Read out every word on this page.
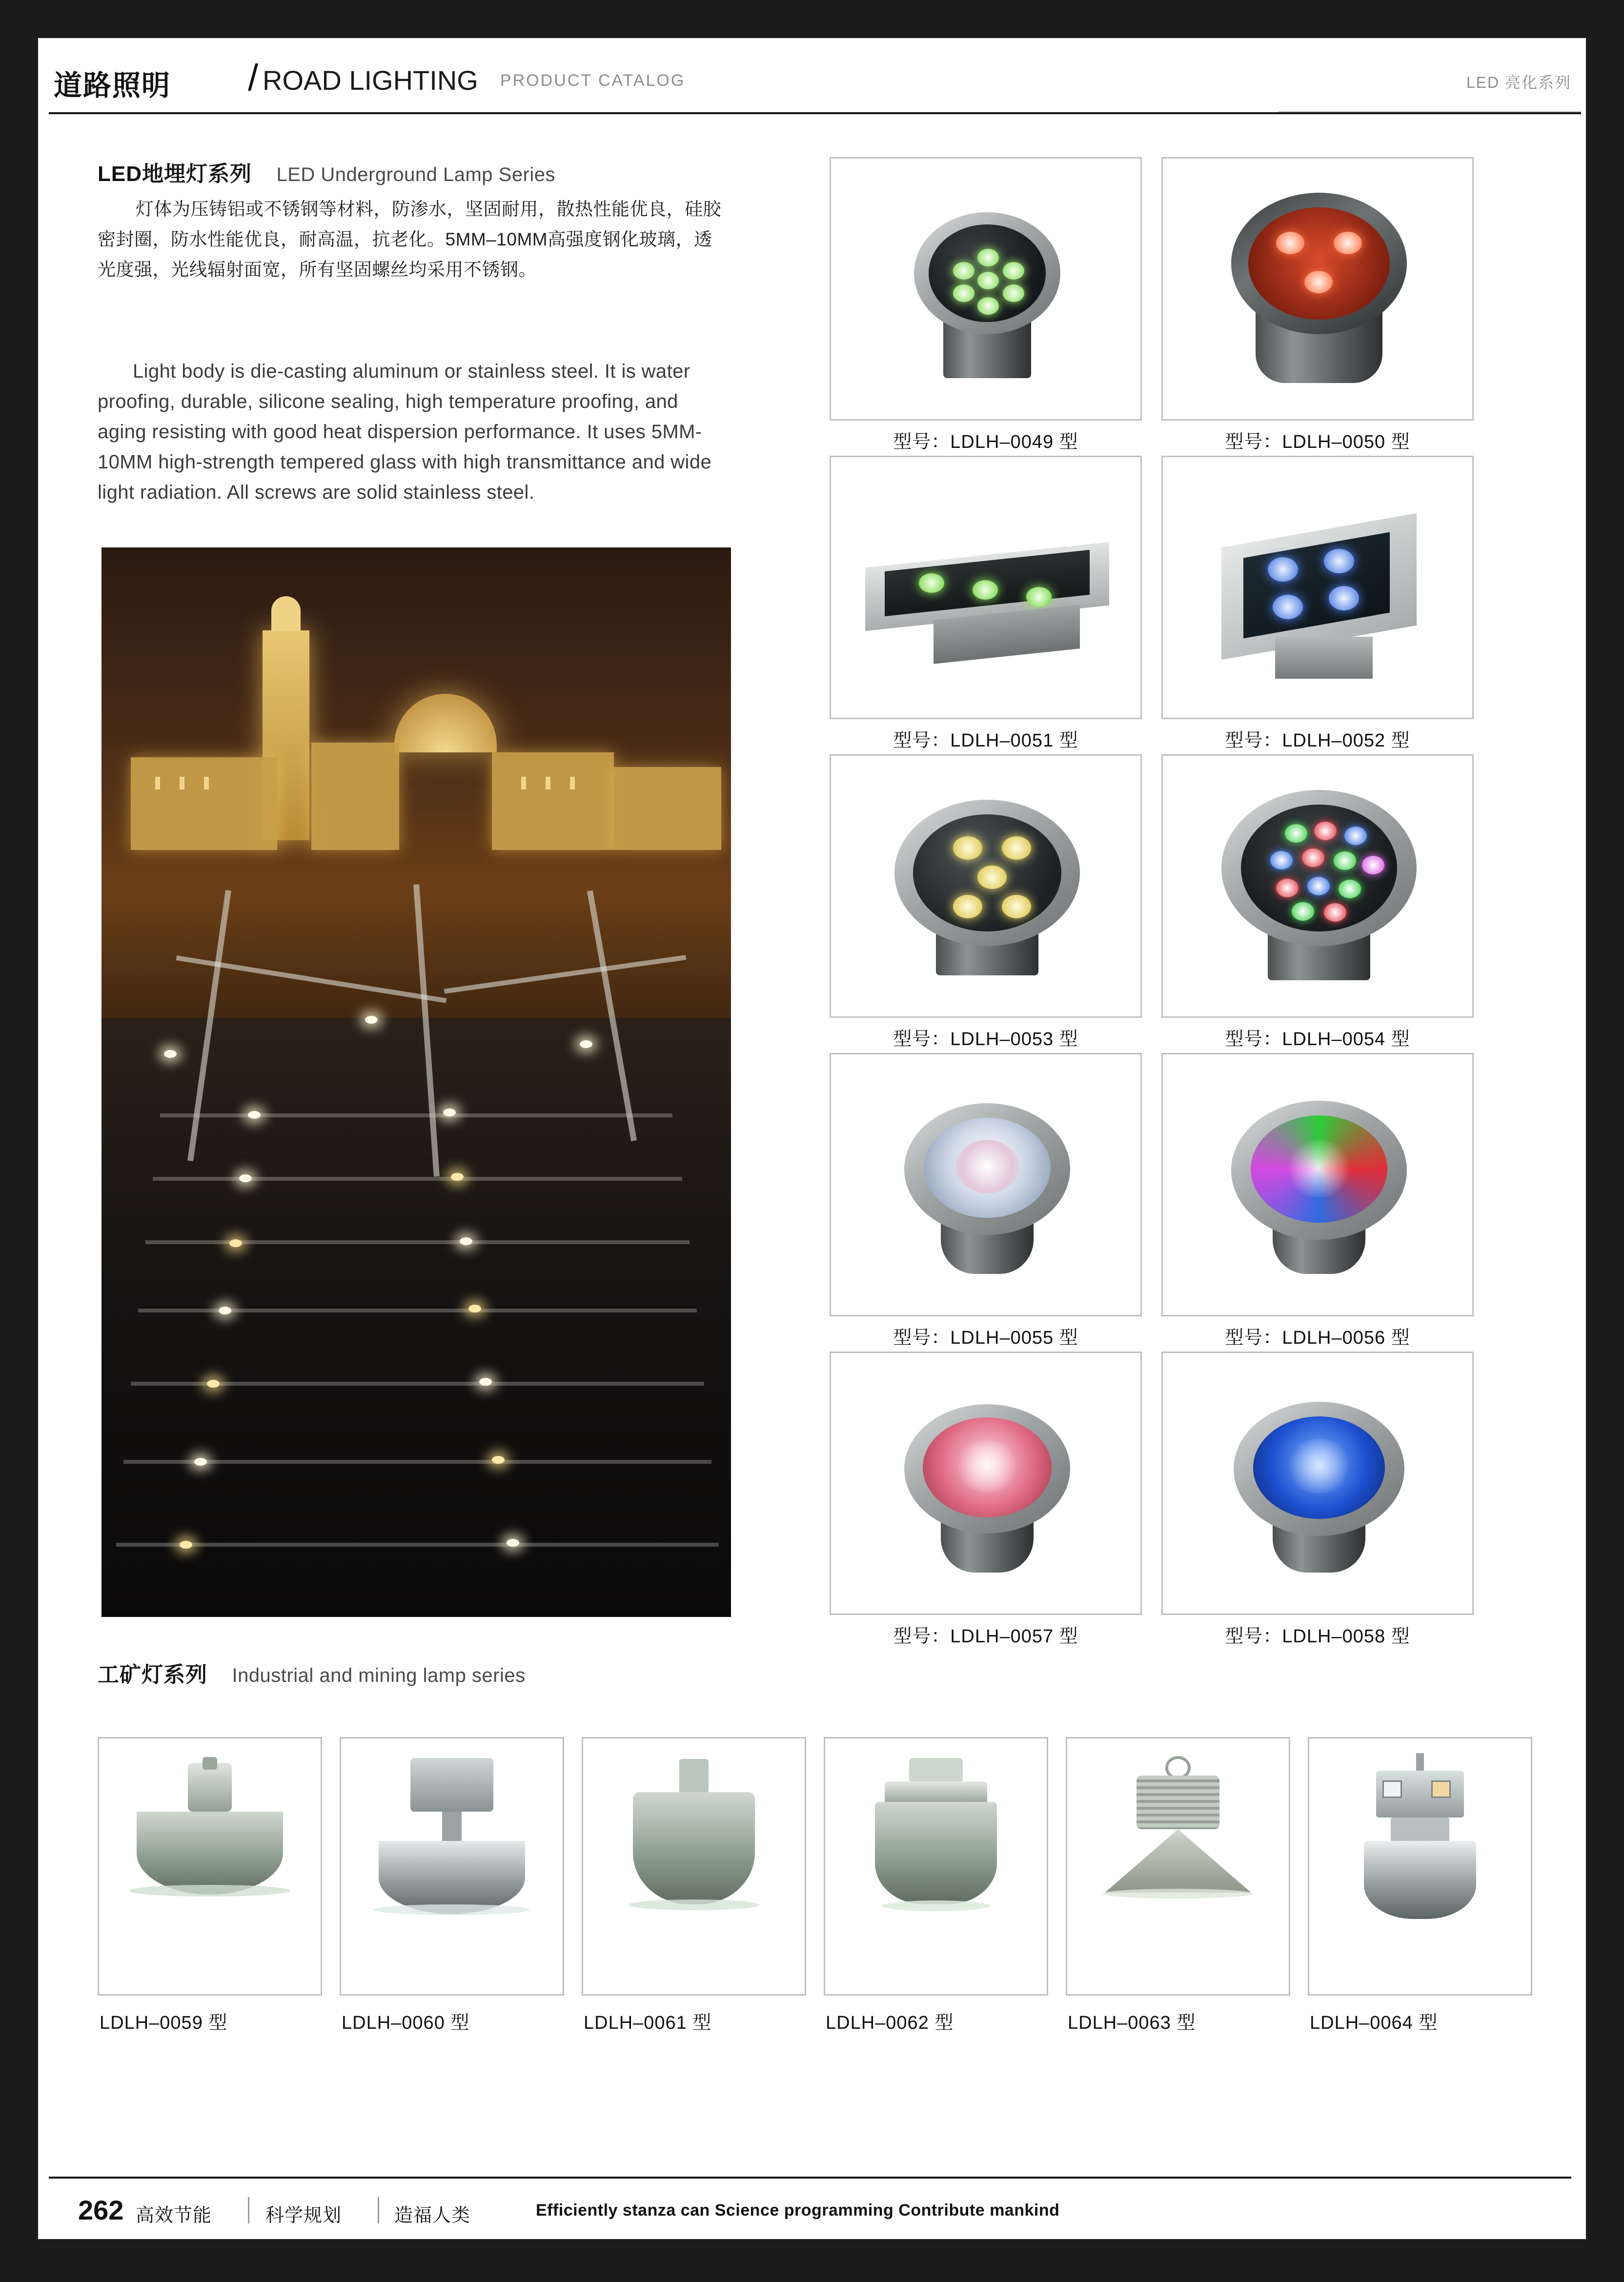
道路照明 / ROAD LIGHTING PRODUCT CATALOG	LED 亮化系列
LED地埋灯系列 LED Underground Lamp Series
灯体为压铸铝或不锈钢等材料，防渗水，坚固耐用，散热性能优良，硅胶密封圈，防水性能优良，耐高温，抗老化。5MM–10MM高强度钢化玻璃，透光度强，光线辐射面宽，所有坚固螺丝均采用不锈钢。
Light body is die-casting aluminum or stainless steel. It is water proofing, durable, silicone sealing, high temperature proofing, and aging resisting with good heat dispersion performance. It uses 5MM-10MM high-strength tempered glass with high transmittance and wide light radiation. All screws are solid stainless steel.
型号：LDLH–0049 型	型号：LDLH–0050 型
型号：LDLH–0051 型	型号：LDLH–0052 型
型号：LDLH–0053 型	型号：LDLH–0054 型
型号：LDLH–0055 型	型号：LDLH–0056 型
型号：LDLH–0057 型	型号：LDLH–0058 型
工矿灯系列 Industrial and mining lamp series
LDLH–0059 型	LDLH–0060 型	LDLH–0061 型	LDLH–0062 型	LDLH–0063 型	LDLH–0064 型
262 高效节能	科学规划	造福人类	Efficiently stanza can Science programming Contribute mankind
